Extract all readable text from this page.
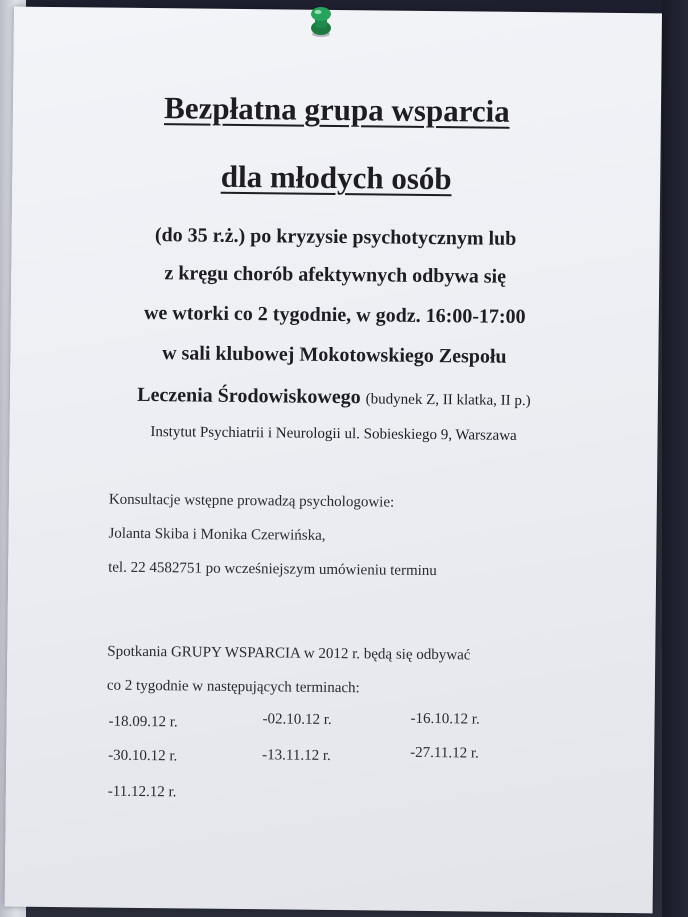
Bezpłatna grupa wsparcia
dla młodych osób
(do 35 r.ż.) po kryzysie psychotycznym lub
z kręgu chorób afektywnych odbywa się
we wtorki co 2 tygodnie, w godz. 16:00-17:00
w sali klubowej Mokotowskiego Zespołu
Leczenia Środowiskowego (budynek Z, II klatka, II p.)
Instytut Psychiatrii i Neurologii ul. Sobieskiego 9, Warszawa
Konsultacje wstępne prowadzą psychologowie:
Jolanta Skiba i Monika Czerwińska,
tel. 22 4582751 po wcześniejszym umówieniu terminu
Spotkania GRUPY WSPARCIA w 2012 r. będą się odbywać
co 2 tygodnie w następujących terminach:
-18.09.12 r.	-02.10.12 r.	-16.10.12 r.
-30.10.12 r.	-13.11.12 r.	-27.11.12 r.
-11.12.12 r.
